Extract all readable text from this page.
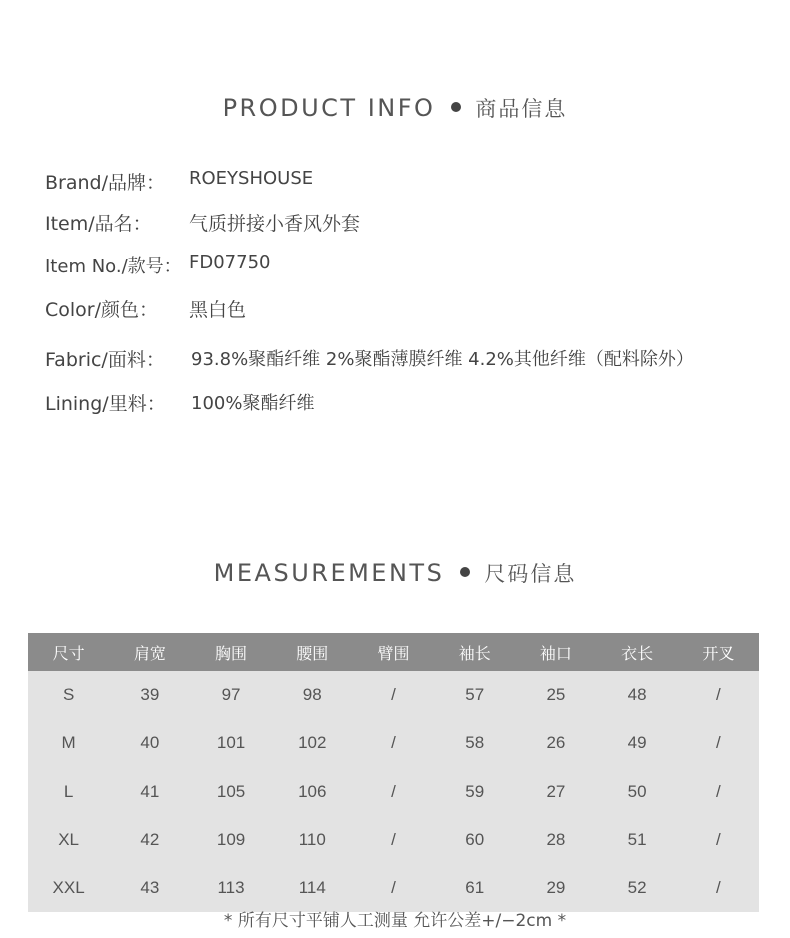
PRODUCT INFO 商品信息
Brand/品牌： ROEYSHOUSE
Item/品名： 气质拼接小香风外套
Item No./款号： FD07750
Color/颜色： 黑白色
Fabric/面料： 93.8%聚酯纤维 2%聚酯薄膜纤维 4.2%其他纤维（配料除外）
Lining/里料： 100%聚酯纤维
MEASUREMENTS 尺码信息
尺寸	肩宽	胸围	腰围	臂围	袖长	袖口	衣长	开叉
S	39	97	98	/	57	25	48	/
M	40	101	102	/	58	26	49	/
L	41	105	106	/	59	27	50	/
XL	42	109	110	/	60	28	51	/
XXL	43	113	114	/	61	29	52	/
* 所有尺寸平铺人工测量 允许公差+/−2cm *
